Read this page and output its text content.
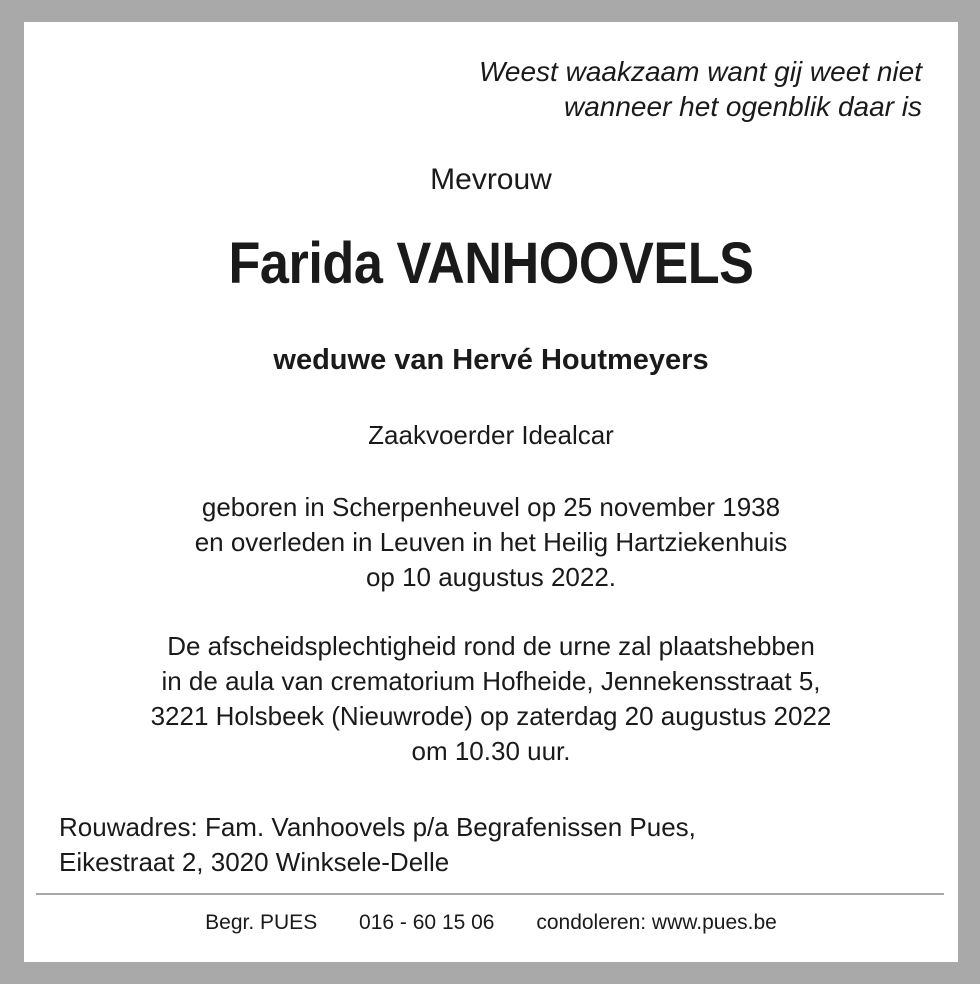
Weest waakzaam want gij weet niet
wanneer het ogenblik daar is
Mevrouw
Farida VANHOOVELS
weduwe van Hervé Houtmeyers
Zaakvoerder Idealcar
geboren in Scherpenheuvel op 25 november 1938
en overleden in Leuven in het Heilig Hartziekenhuis
op 10 augustus 2022.
De afscheidsplechtigheid rond de urne zal plaatshebben
in de aula van crematorium Hofheide, Jennekensstraat 5,
3221 Holsbeek (Nieuwrode) op zaterdag 20 augustus 2022
om 10.30 uur.
Rouwadres: Fam. Vanhoovels p/a Begrafenissen Pues,
Eikestraat 2, 3020 Winksele-Delle
Begr. PUES 016 - 60 15 06 condoleren: www.pues.be
